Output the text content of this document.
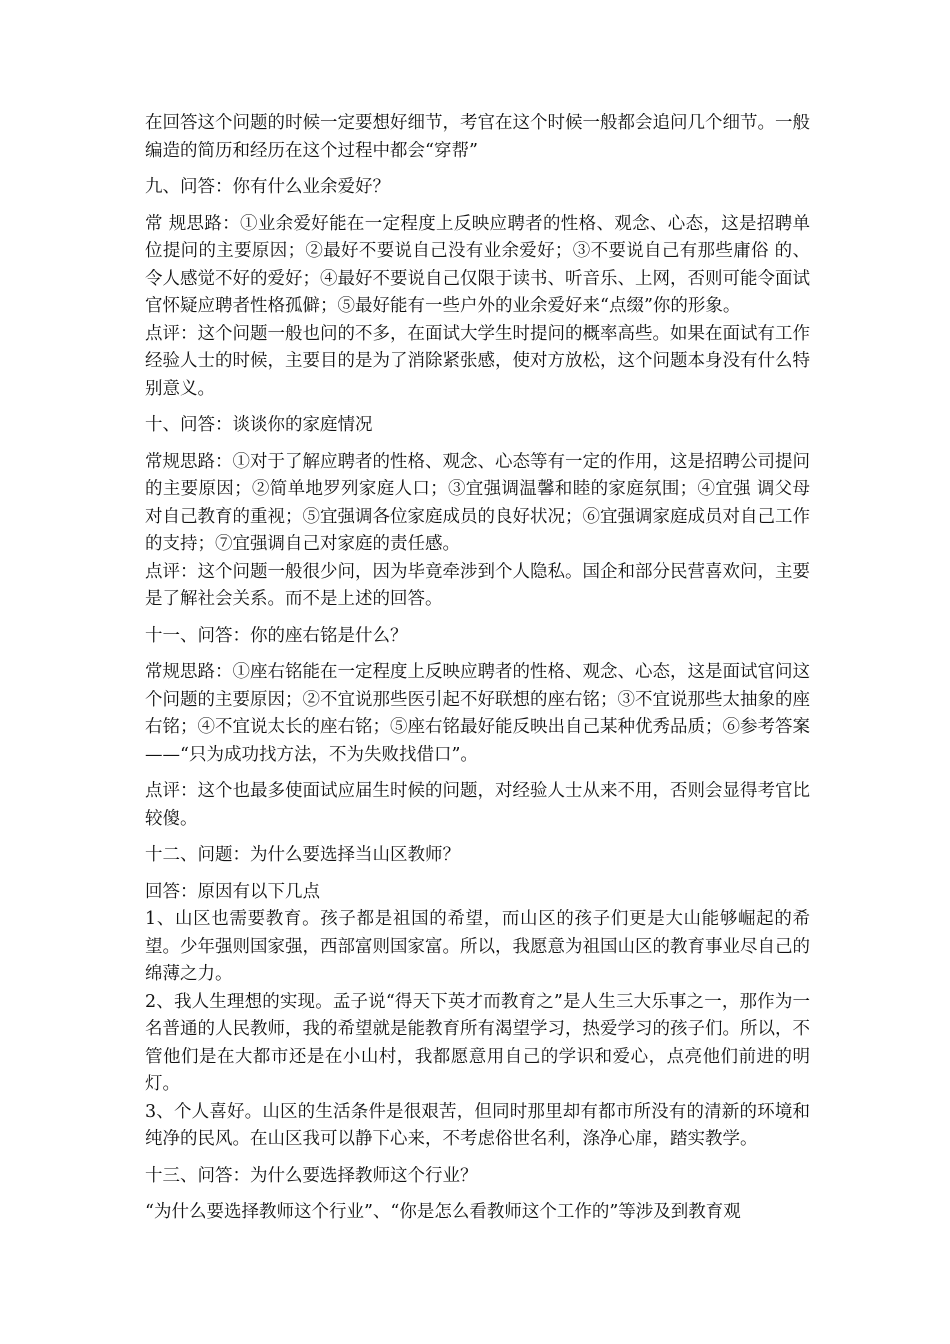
在回答这个问题的时候一定要想好细节，考官在这个时候一般都会追问几个细节。一般编造的简历和经历在这个过程中都会“穿帮”

九、问答：你有什么业余爱好？

常 规思路：①业余爱好能在一定程度上反映应聘者的性格、观念、心态，这是招聘单位提问的主要原因；②最好不要说自己没有业余爱好；③不要说自己有那些庸俗 的、令人感觉不好的爱好；④最好不要说自己仅限于读书、听音乐、上网，否则可能令面试官怀疑应聘者性格孤僻；⑤最好能有一些户外的业余爱好来“点缀”你的形象。

点评：这个问题一般也问的不多，在面试大学生时提问的概率高些。如果在面试有工作经验人士的时候，主要目的是为了消除紧张感，使对方放松，这个问题本身没有什么特别意义。

十、问答：谈谈你的家庭情况

常规思路：①对于了解应聘者的性格、观念、心态等有一定的作用，这是招聘公司提问的主要原因；②简单地罗列家庭人口；③宜强调温馨和睦的家庭氛围；④宜强 调父母对自己教育的重视；⑤宜强调各位家庭成员的良好状况；⑥宜强调家庭成员对自己工作的支持；⑦宜强调自己对家庭的责任感。

点评：这个问题一般很少问，因为毕竟牵涉到个人隐私。国企和部分民营喜欢问，主要是了解社会关系。而不是上述的回答。

十一、问答：你的座右铭是什么？

常规思路：①座右铭能在一定程度上反映应聘者的性格、观念、心态，这是面试官问这个问题的主要原因；②不宜说那些医引起不好联想的座右铭；③不宜说那些太抽象的座右铭；④不宜说太长的座右铭；⑤座右铭最好能反映出自己某种优秀品质；⑥参考答案——“只为成功找方法，不为失败找借口”。

点评：这个也最多使面试应届生时候的问题，对经验人士从来不用，否则会显得考官比较傻。

十二、问题：为什么要选择当山区教师？

回答：原因有以下几点

1、山区也需要教育。孩子都是祖国的希望，而山区的孩子们更是大山能够崛起的希望。少年强则国家强，西部富则国家富。所以，我愿意为祖国山区的教育事业尽自己的绵薄之力。

2、我人生理想的实现。孟子说“得天下英才而教育之”是人生三大乐事之一，那作为一名普通的人民教师，我的希望就是能教育所有渴望学习，热爱学习的孩子们。所以，不管他们是在大都市还是在小山村，我都愿意用自己的学识和爱心，点亮他们前进的明灯。

3、个人喜好。山区的生活条件是很艰苦，但同时那里却有都市所没有的清新的环境和纯净的民风。在山区我可以静下心来，不考虑俗世名利，涤净心扉，踏实教学。

十三、问答：为什么要选择教师这个行业？

“为什么要选择教师这个行业”、“你是怎么看教师这个工作的”等涉及到教育观
